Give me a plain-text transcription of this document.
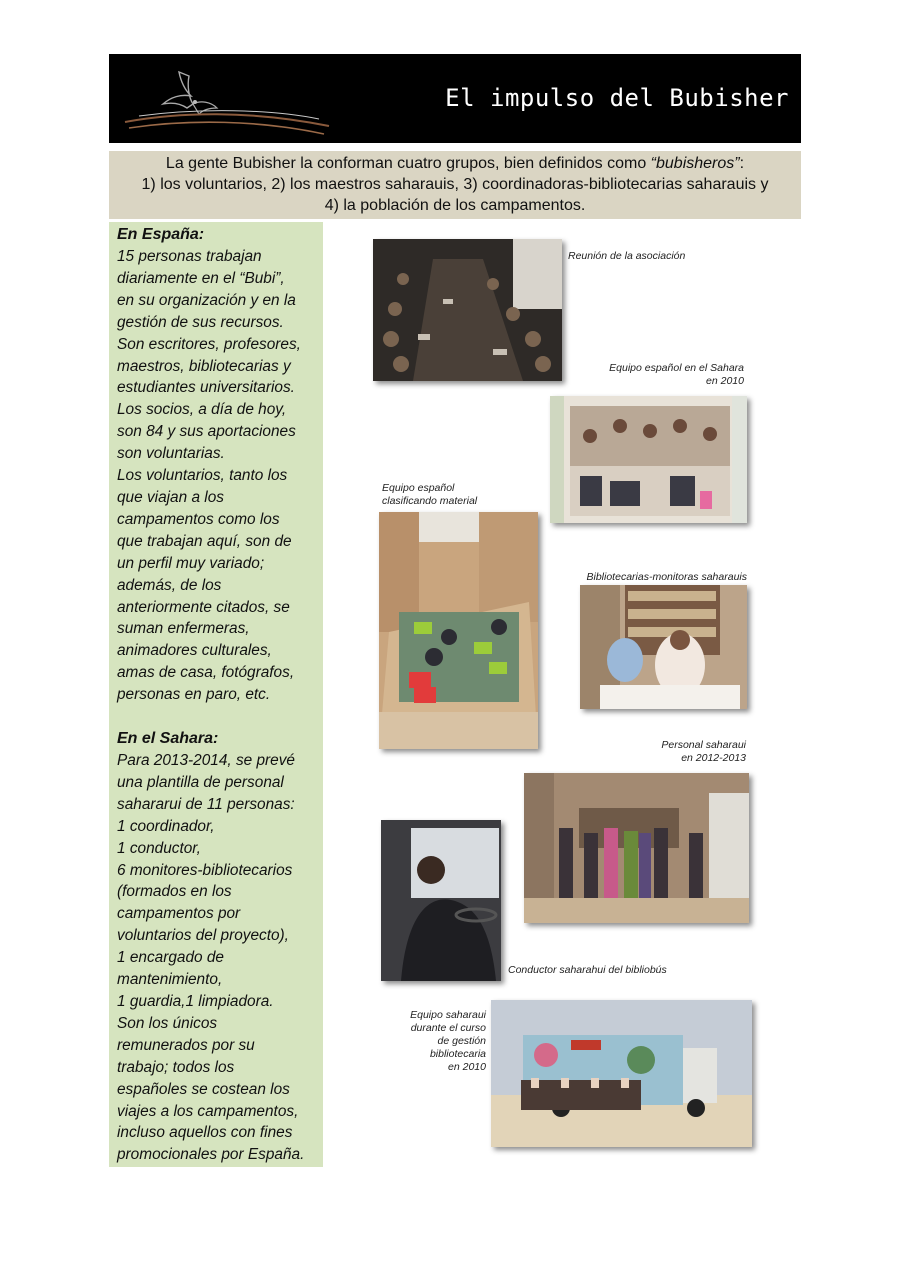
El impulso del Bubisher
La gente Bubisher la conforman cuatro grupos, bien definidos como “bubisheros”:
1) los voluntarios, 2) los maestros saharauis, 3) coordinadoras-bibliotecarias saharauis y
4) la población de los campamentos.
En España:

15 personas trabajan

diariamente en el “Bubi”,

en su organización y en la

gestión de sus recursos.

Son escritores, profesores,

maestros, bibliotecarias y

estudiantes universitarios.

Los socios, a día de hoy,

son 84 y sus aportaciones

son voluntarias.

Los voluntarios, tanto los

que viajan a los

campamentos como los

que trabajan aquí, son de

un perfil muy variado;

además, de los

anteriormente citados, se

suman enfermeras,

animadores culturales,

amas de casa, fotógrafos,

personas en paro, etc.

En el Sahara:

Para 2013-2014, se prevé

una plantilla de personal

sahararui de 11 personas:

1 coordinador,

1 conductor,

6 monitores-bibliotecarios

(formados en los

campamentos por

voluntarios del proyecto),

1 encargado de

mantenimiento,

1 guardia,1 limpiadora.

Son los únicos

remunerados por su

trabajo; todos los

españoles se costean los

viajes a los campamentos,

incluso aquellos con fines

promocionales por España.

Reunión de la asociación
Equipo español en el Sahara
en 2010
Equipo español
clasificando material
Bibliotecarias-monitoras saharauis
Personal saharaui
en 2012-2013
Conductor saharahui del bibliobús
Equipo saharaui
durante el curso
de gestión
bibliotecaria
en 2010
